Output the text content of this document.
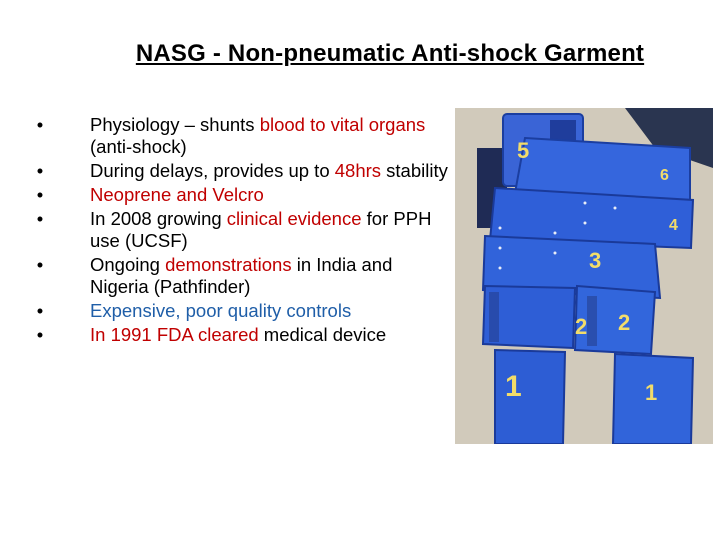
NASG - Non-pneumatic Anti-shock Garment
•	Physiology – shunts blood to vital organs (anti-shock)
•	During delays, provides up to 48hrs stability
•	Neoprene and Velcro
•	In 2008 growing clinical evidence for PPH use (UCSF)
•	Ongoing demonstrations in India and Nigeria (Pathfinder)
•	Expensive, poor quality controls
•	In 1991 FDA cleared medical device
5
6
4
3
2 2
1	1
